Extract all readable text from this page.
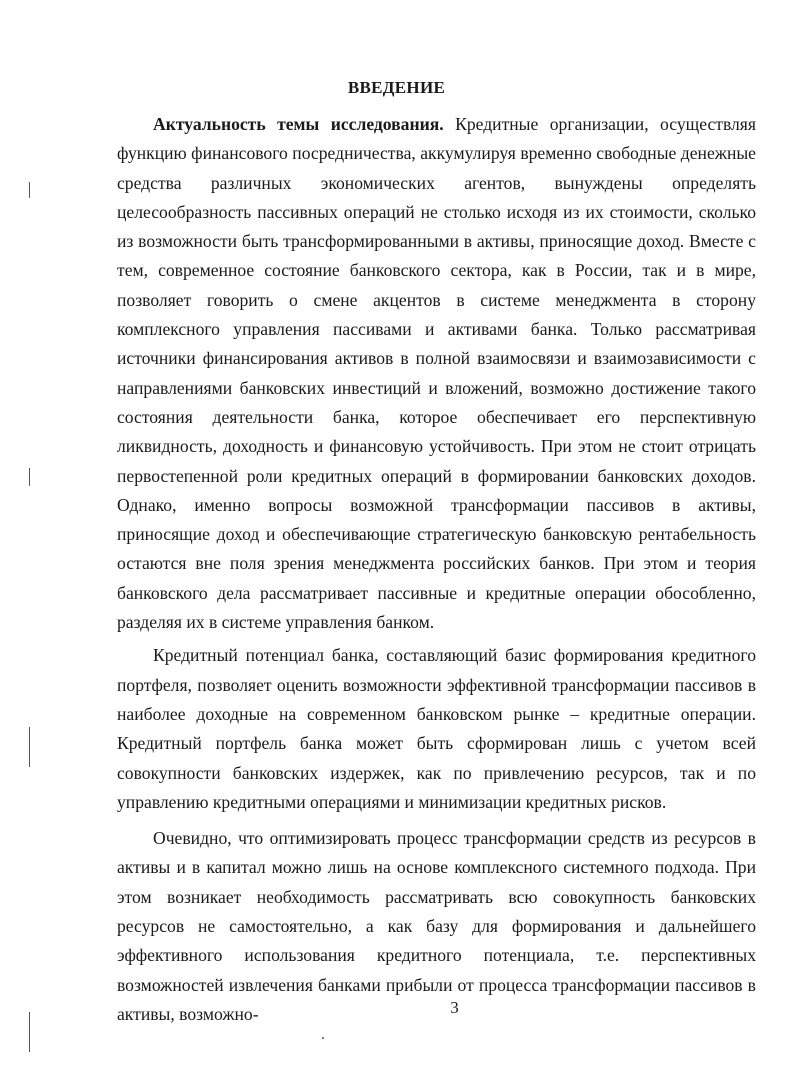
ВВЕДЕНИЕ

Актуальность темы исследования. Кредитные организации, осуществляя функцию финансового посредничества, аккумулируя временно свободные денежные средства различных экономических агентов, вынуждены определять целесообразность пассивных операций не столько исходя из их стоимости, сколько из возможности быть трансформированными в активы, приносящие доход. Вместе с тем, современное состояние банковского сектора, как в России, так и в мире, позволяет говорить о смене акцентов в системе менеджмента в сторону комплексного управления пассивами и активами банка. Только рассматривая источники финансирования активов в полной взаимосвязи и взаимозависимости с направлениями банковских инвестиций и вложений, возможно достижение такого состояния деятельности банка, которое обеспечивает его перспективную ликвидность, доходность и финансовую устойчивость. При этом не стоит отрицать первостепенной роли кредитных операций в формировании банковских доходов. Однако, именно вопросы возможной трансформации пассивов в активы, приносящие доход и обеспечивающие стратегическую банковскую рентабельность остаются вне поля зрения менеджмента российских банков. При этом и теория банковского дела рассматривает пассивные и кредитные операции обособленно, разделяя их в системе управления банком.

Кредитный потенциал банка, составляющий базис формирования кредитного портфеля, позволяет оценить возможности эффективной трансформации пассивов в наиболее доходные на современном банковском рынке – кредитные операции. Кредитный портфель банка может быть сформирован лишь с учетом всей совокупности банковских издержек, как по привлечению ресурсов, так и по управлению кредитными операциями и минимизации кредитных рисков.

Очевидно, что оптимизировать процесс трансформации средств из ресурсов в активы и в капитал можно лишь на основе комплексного системного подхода. При этом возникает необходимость рассматривать всю совокупность банковских ресурсов не самостоятельно, а как базу для формирования и дальнейшего эффективного использования кредитного потенциала, т.е. перспективных возможностей извлечения банками прибыли от процесса трансформации пассивов в активы, возможно-	3
